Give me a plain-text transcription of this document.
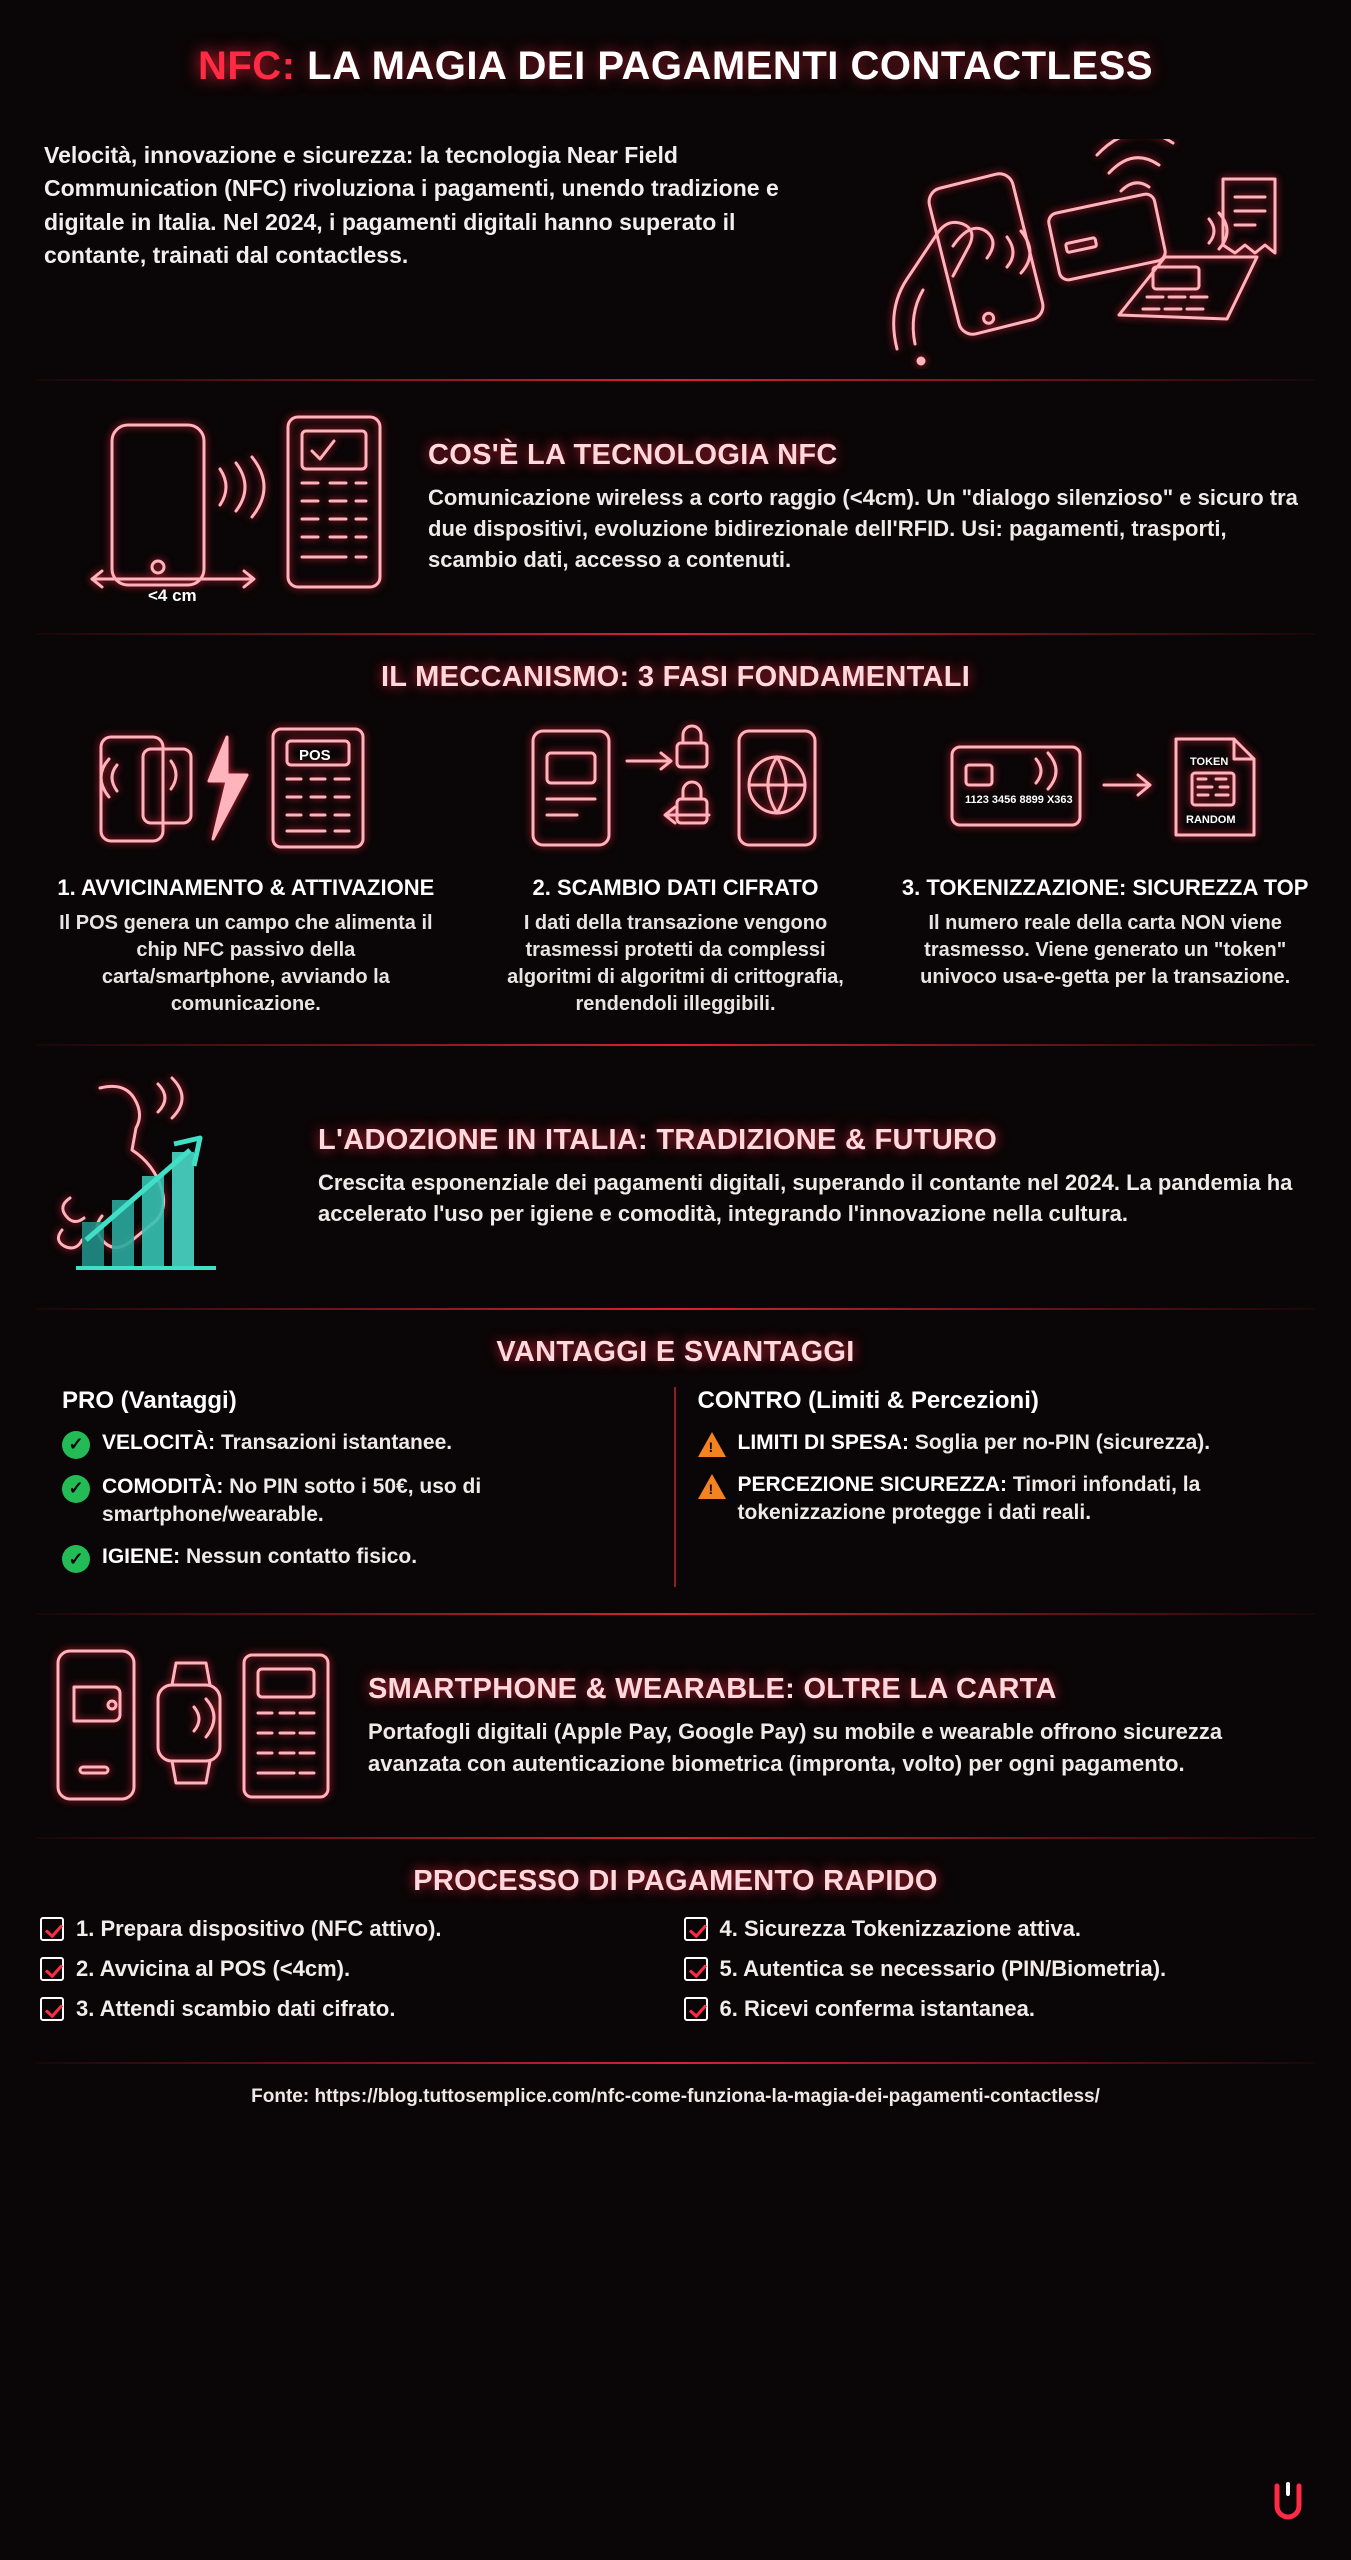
NFC: LA MAGIA DEI PAGAMENTI CONTACTLESS
Velocità, innovazione e sicurezza: la tecnologia Near Field Communication (NFC) rivoluziona i pagamenti, unendo tradizione e digitale in Italia. Nel 2024, i pagamenti digitali hanno superato il contante, trainati dal contactless.
<4 cm
COS'È LA TECNOLOGIA NFC
Comunicazione wireless a corto raggio (<4cm). Un "dialogo silenzioso" e sicuro tra due dispositivi, evoluzione bidirezionale dell'RFID. Usi: pagamenti, trasporti, scambio dati, accesso a contenuti.
IL MECCANISMO: 3 FASI FONDAMENTALI
POS
1. AVVICINAMENTO & ATTIVAZIONE
Il POS genera un campo che alimenta il chip NFC passivo della carta/smartphone, avviando la comunicazione.
2. SCAMBIO DATI CIFRATO
I dati della transazione vengono trasmessi protetti da complessi algoritmi di algoritmi di crittografia, rendendoli illeggibili.
1123 3456 8899 X363
TOKEN
RANDOM
3. TOKENIZZAZIONE: SICUREZZA TOP
Il numero reale della carta NON viene trasmesso. Viene generato un "token" univoco usa-e-getta per la transazione.
L'ADOZIONE IN ITALIA: TRADIZIONE & FUTURO
Crescita esponenziale dei pagamenti digitali, superando il contante nel 2024. La pandemia ha accelerato l'uso per igiene e comodità, integrando l'innovazione nella cultura.
VANTAGGI E SVANTAGGI
PRO (Vantaggi)
✓ VELOCITÀ: Transazioni istantanee.
✓ COMODITÀ: No PIN sotto i 50€, uso di smartphone/wearable.
✓ IGIENE: Nessun contatto fisico.
CONTRO (Limiti & Percezioni)
!
LIMITI DI SPESA: Soglia per no-PIN (sicurezza).
!
PERCEZIONE SICUREZZA: Timori infondati, la tokenizzazione protegge i dati reali.
SMARTPHONE & WEARABLE: OLTRE LA CARTA
Portafogli digitali (Apple Pay, Google Pay) su mobile e wearable offrono sicurezza avanzata con autenticazione biometrica (impronta, volto) per ogni pagamento.
PROCESSO DI PAGAMENTO RAPIDO
1. Prepara dispositivo (NFC attivo).
2. Avvicina al POS (<4cm).
3. Attendi scambio dati cifrato.
4. Sicurezza Tokenizzazione attiva.
5. Autentica se necessario (PIN/Biometria).
6. Ricevi conferma istantanea.
Fonte: https://blog.tuttosemplice.com/nfc-come-funziona-la-magia-dei-pagamenti-contactless/
